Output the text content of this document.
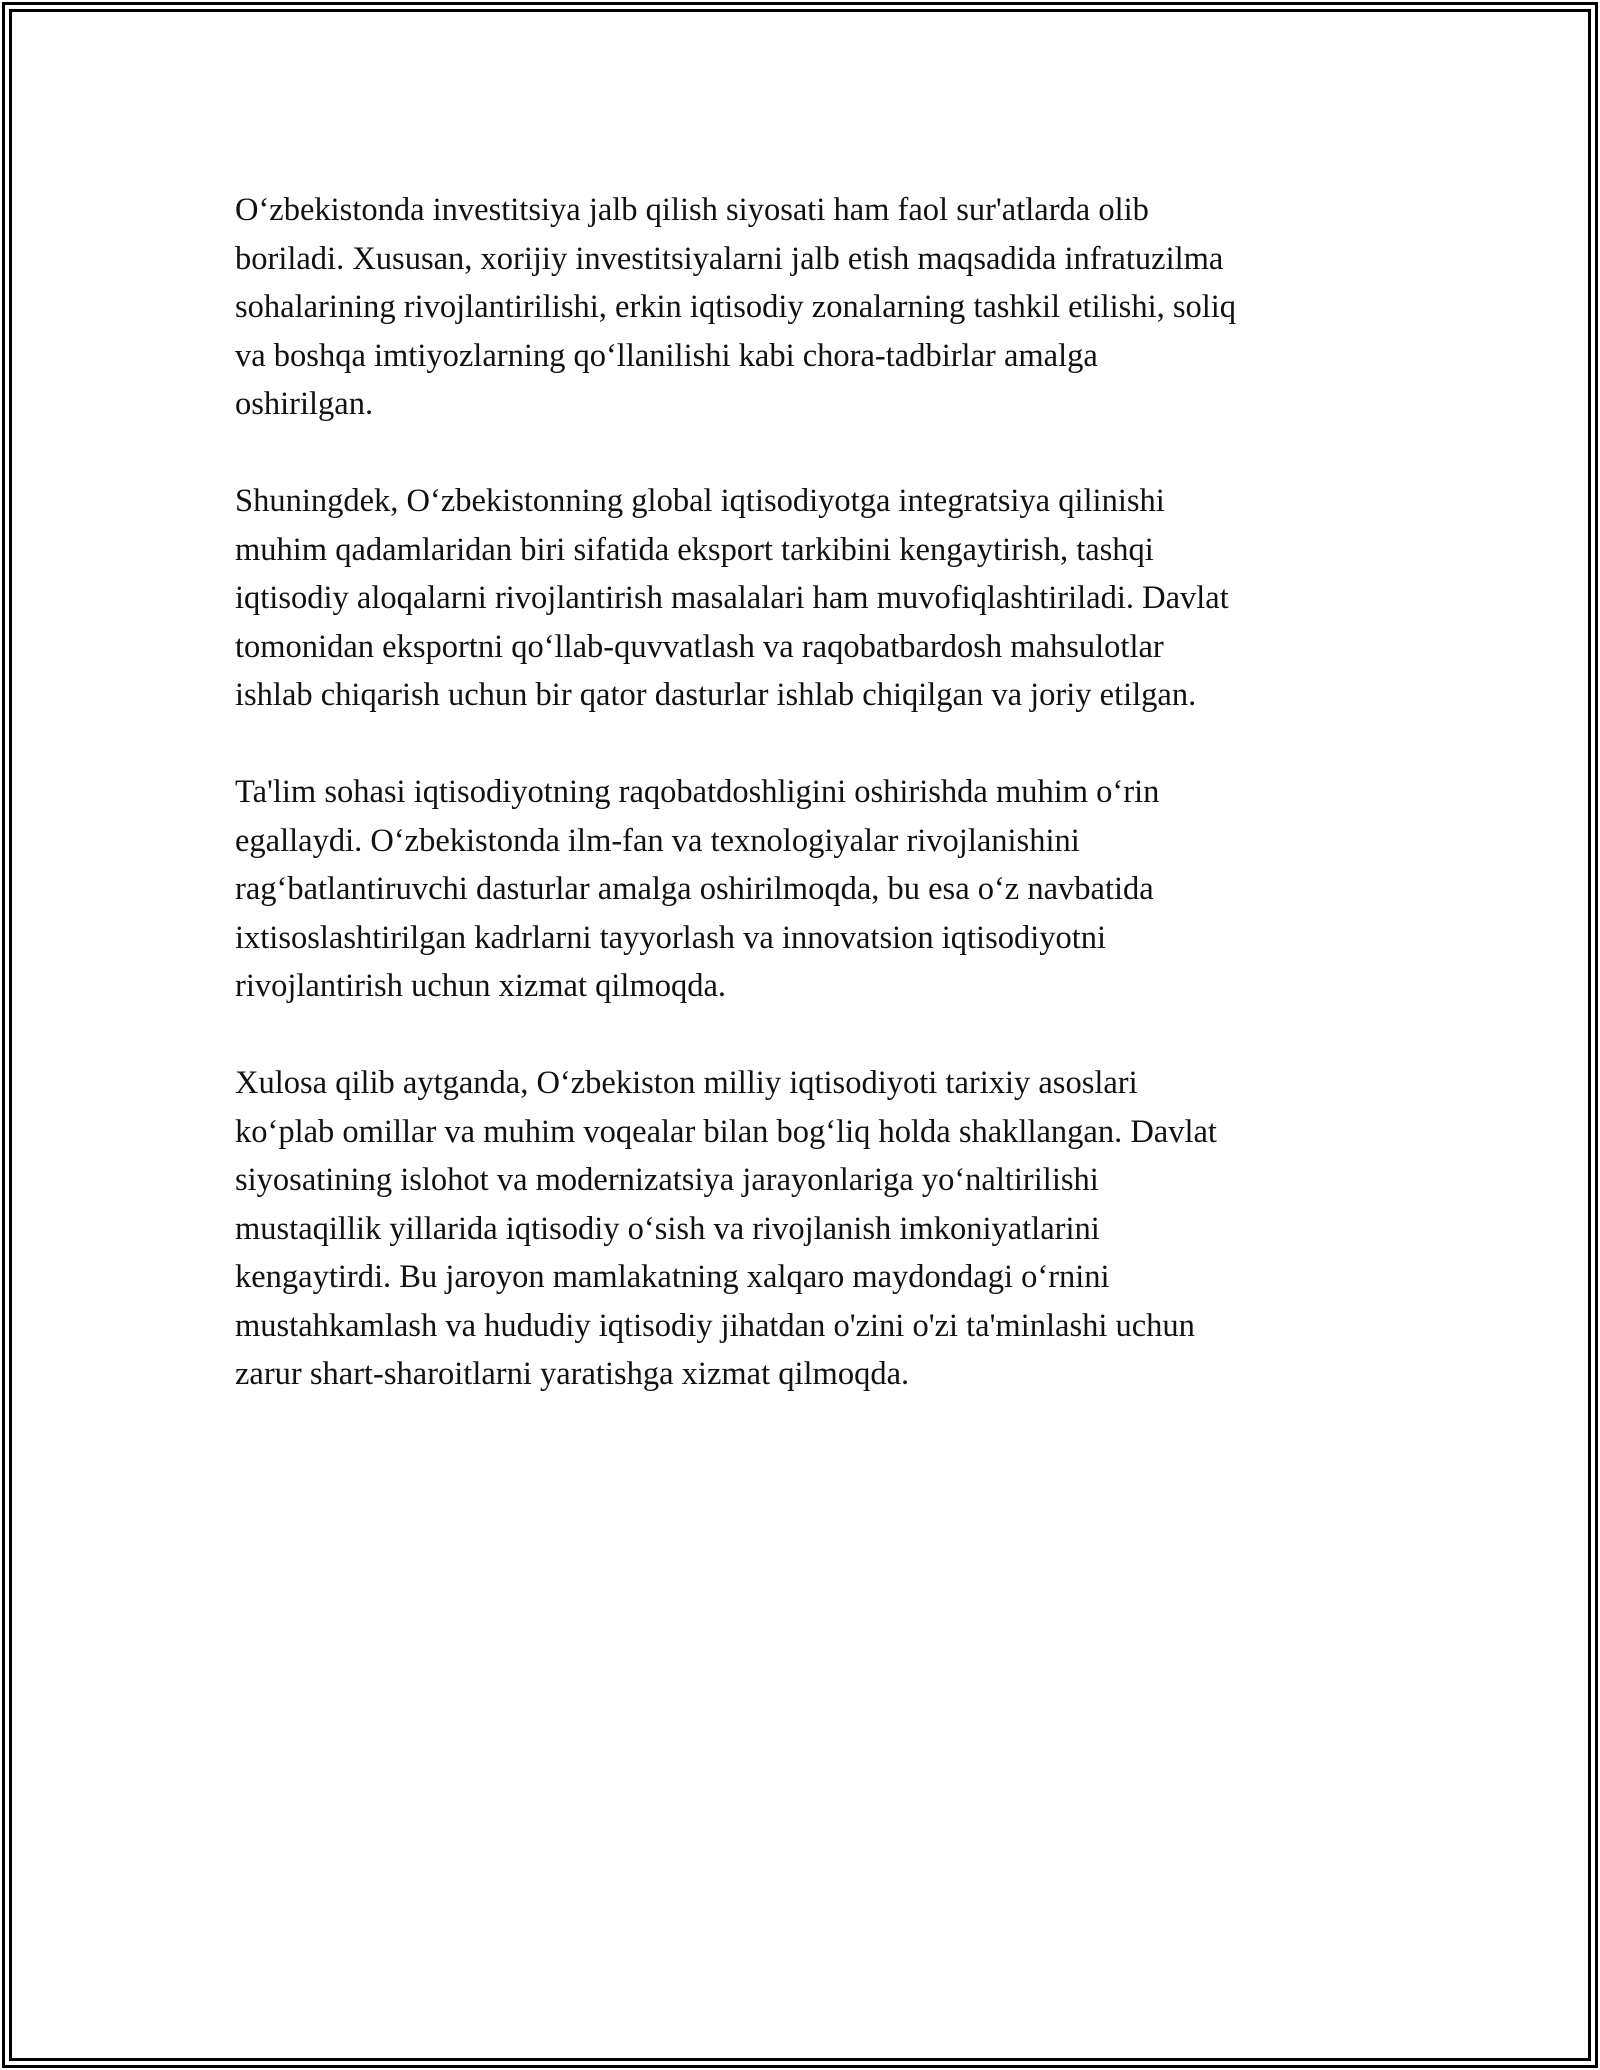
O‘zbekistonda investitsiya jalb qilish siyosati ham faol sur'atlarda olib
boriladi. Xususan, xorijiy investitsiyalarni jalb etish maqsadida infratuzilma
sohalarining rivojlantirilishi, erkin iqtisodiy zonalarning tashkil etilishi, soliq
va boshqa imtiyozlarning qo‘llanilishi kabi chora-tadbirlar amalga
oshirilgan.

Shuningdek, O‘zbekistonning global iqtisodiyotga integratsiya qilinishi
muhim qadamlaridan biri sifatida eksport tarkibini kengaytirish, tashqi
iqtisodiy aloqalarni rivojlantirish masalalari ham muvofiqlashtiriladi. Davlat
tomonidan eksportni qo‘llab-quvvatlash va raqobatbardosh mahsulotlar
ishlab chiqarish uchun bir qator dasturlar ishlab chiqilgan va joriy etilgan.

Ta'lim sohasi iqtisodiyotning raqobatdoshligini oshirishda muhim o‘rin
egallaydi. O‘zbekistonda ilm-fan va texnologiyalar rivojlanishini
rag‘batlantiruvchi dasturlar amalga oshirilmoqda, bu esa o‘z navbatida
ixtisoslashtirilgan kadrlarni tayyorlash va innovatsion iqtisodiyotni
rivojlantirish uchun xizmat qilmoqda.

Xulosa qilib aytganda, O‘zbekiston milliy iqtisodiyoti tarixiy asoslari
ko‘plab omillar va muhim voqealar bilan bog‘liq holda shakllangan. Davlat
siyosatining islohot va modernizatsiya jarayonlariga yo‘naltirilishi
mustaqillik yillarida iqtisodiy o‘sish va rivojlanish imkoniyatlarini
kengaytirdi. Bu jaroyon mamlakatning xalqaro maydondagi o‘rnini
mustahkamlash va hududiy iqtisodiy jihatdan o'zini o'zi ta'minlashi uchun
zarur shart-sharoitlarni yaratishga xizmat qilmoqda.
